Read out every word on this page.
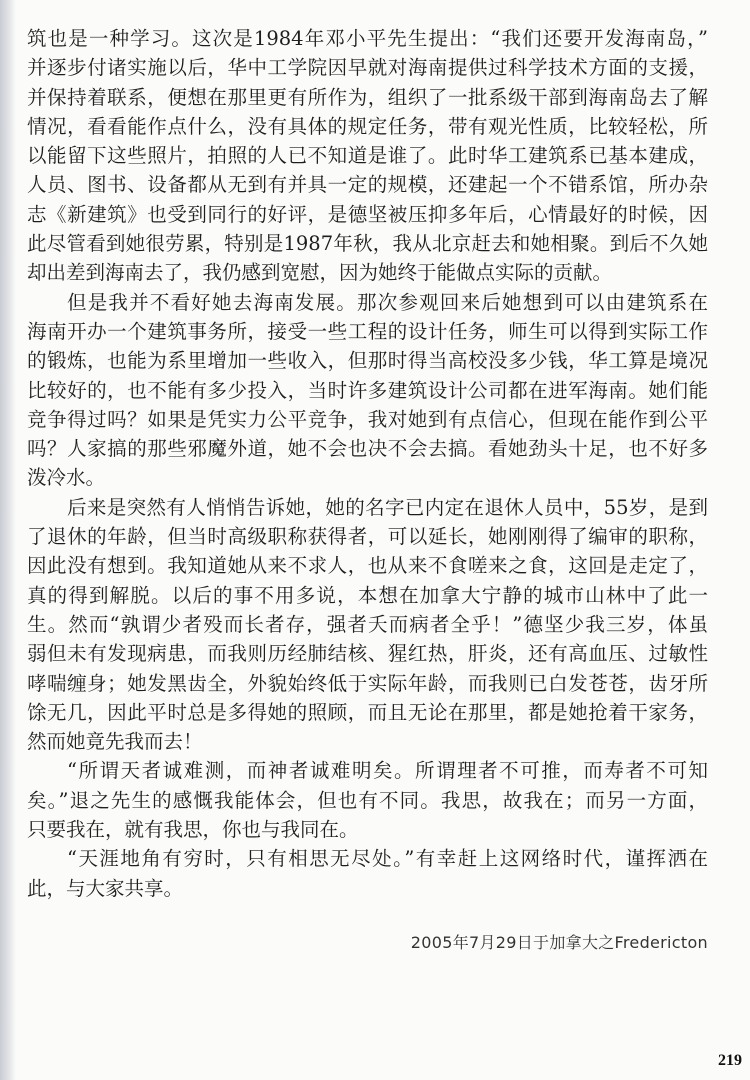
筑也是一种学习。这次是1984年邓小平先生提出：“我们还要开发海南岛，”
并逐步付诸实施以后，华中工学院因早就对海南提供过科学技术方面的支援，
并保持着联系，便想在那里更有所作为，组织了一批系级干部到海南岛去了解
情况，看看能作点什么，没有具体的规定任务，带有观光性质，比较轻松，所
以能留下这些照片，拍照的人已不知道是谁了。此时华工建筑系已基本建成，
人员、图书、设备都从无到有并具一定的规模，还建起一个不错系馆，所办杂
志《新建筑》也受到同行的好评，是德坚被压抑多年后，心情最好的时候，因
此尽管看到她很劳累，特别是1987年秋，我从北京赶去和她相聚。到后不久她
却出差到海南去了，我仍感到宽慰，因为她终于能做点实际的贡献。
但是我并不看好她去海南发展。那次参观回来后她想到可以由建筑系在
海南开办一个建筑事务所，接受一些工程的设计任务，师生可以得到实际工作
的锻炼，也能为系里增加一些收入，但那时得当高校没多少钱，华工算是境况
比较好的，也不能有多少投入，当时许多建筑设计公司都在进军海南。她们能
竞争得过吗？如果是凭实力公平竞争，我对她到有点信心，但现在能作到公平
吗？人家搞的那些邪魔外道，她不会也决不会去搞。看她劲头十足，也不好多
泼冷水。
后来是突然有人悄悄告诉她，她的名字已内定在退休人员中，55岁，是到
了退休的年龄，但当时高级职称获得者，可以延长，她刚刚得了编审的职称，
因此没有想到。我知道她从来不求人，也从来不食嗟来之食，这回是走定了，
真的得到解脱。以后的事不用多说，本想在加拿大宁静的城市山林中了此一
生。然而“孰谓少者殁而长者存，强者夭而病者全乎！”德坚少我三岁，体虽
弱但未有发现病患，而我则历经肺结核、猩红热，肝炎，还有高血压、过敏性
哮喘缠身；她发黑齿全，外貌始终低于实际年龄，而我则已白发苍苍，齿牙所
馀无几，因此平时总是多得她的照顾，而且无论在那里，都是她抢着干家务，
然而她竟先我而去！
“所谓天者诚难测，而神者诚难明矣。所谓理者不可推，而寿者不可知
矣。”退之先生的感慨我能体会，但也有不同。我思，故我在；而另一方面，
只要我在，就有我思，你也与我同在。
“天涯地角有穷时，只有相思无尽处。”有幸赶上这网络时代，谨挥洒在
此，与大家共享。
2005年7月29日于加拿大之Fredericton
219
